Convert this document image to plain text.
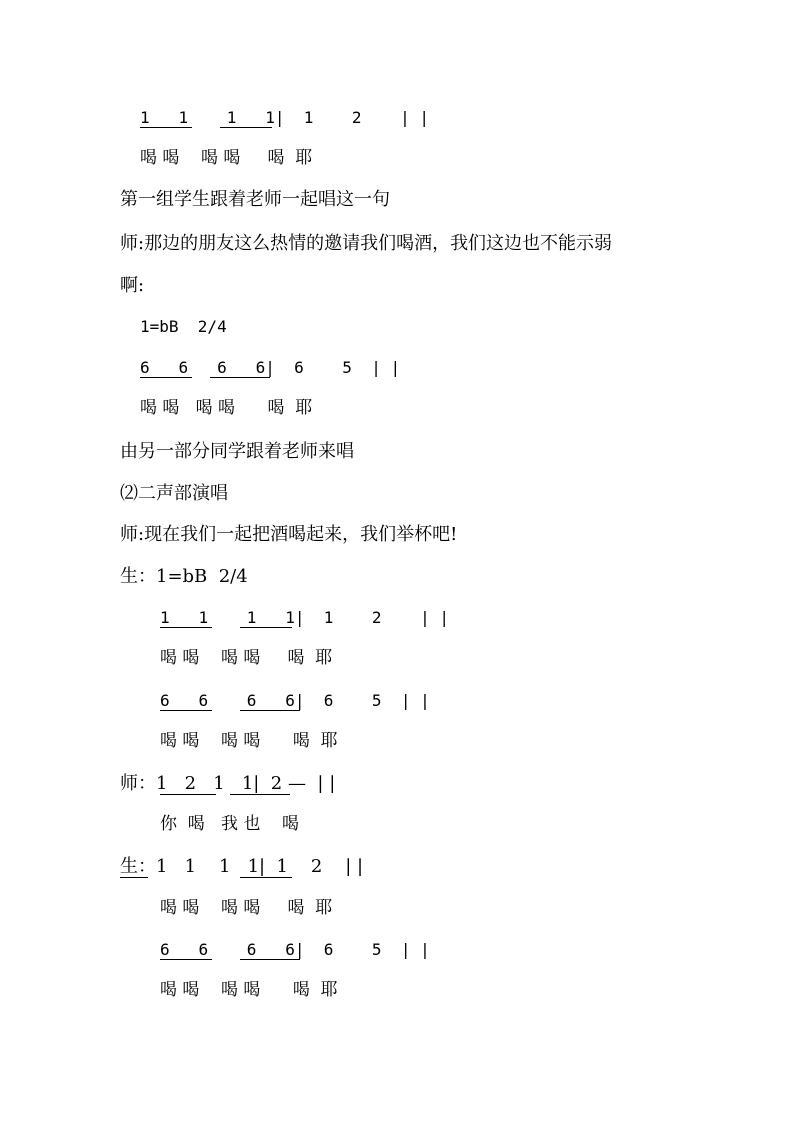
1   1    1   1|  1    2    | |
喝 喝    喝 喝     喝  耶
第一组学生跟着老师一起唱这一句
师:那边的朋友这么热情的邀请我们喝酒，我们这边也不能示弱
啊:
1=bB  2/4
6   6   6   6|  6    5  | |
喝 喝   喝 喝      喝  耶
由另一部分同学跟着老师来唱
⑵二声部演唱
师:现在我们一起把酒喝起来，我们举杯吧!
生：1=bB  2/4
1   1    1   1|  1    2    | |
喝 喝    喝 喝     喝  耶
6   6    6   6|  6    5  | |
喝 喝    喝 喝      喝  耶
师：1   2   1   1|  2 —  | |
你  喝   我 也    喝
生：1   1    1   1|  1    2    | |
喝 喝    喝 喝     喝  耶
6   6    6   6|  6    5  | |
喝 喝    喝 喝      喝  耶
